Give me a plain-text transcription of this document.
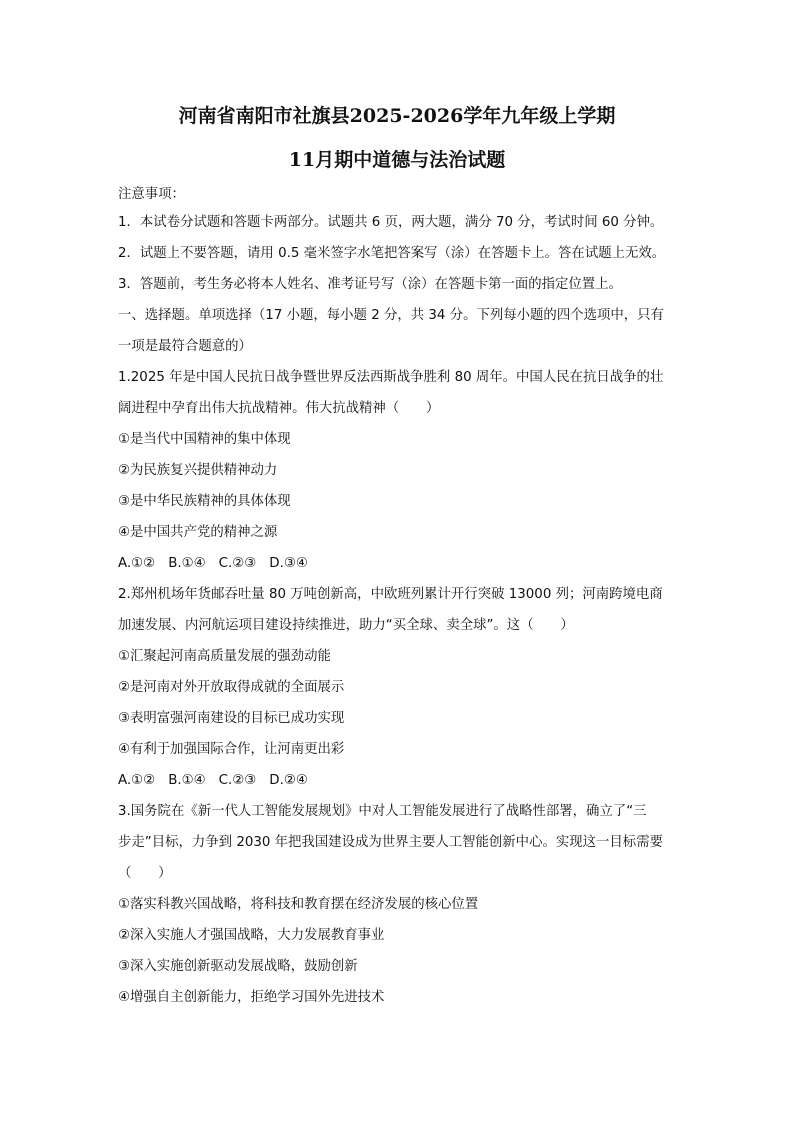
河南省南阳市社旗县2025-2026学年九年级上学期
11月期中道德与法治试题
注意事项：
1．本试卷分试题和答题卡两部分。试题共 6 页，两大题，满分 70 分，考试时间 60 分钟。
2．试题上不要答题，请用 0.5 毫米签字水笔把答案写（涂）在答题卡上。答在试题上无效。
3．答题前，考生务必将本人姓名、准考证号写（涂）在答题卡第一面的指定位置上。
一、选择题。单项选择（17 小题，每小题 2 分，共 34 分。下列每小题的四个选项中，只有
一项是最符合题意的）
1.2025 年是中国人民抗日战争暨世界反法西斯战争胜利 80 周年。中国人民在抗日战争的壮
阔进程中孕育出伟大抗战精神。伟大抗战精神（　　）
①是当代中国精神的集中体现
②为民族复兴提供精神动力
③是中华民族精神的具体体现
④是中国共产党的精神之源
A.①② B.①④ C.②③ D.③④
2.郑州机场年货邮吞吐量 80 万吨创新高，中欧班列累计开行突破 13000 列；河南跨境电商
加速发展、内河航运项目建设持续推进，助力“买全球、卖全球”。这（　　）
①汇聚起河南高质量发展的强劲动能
②是河南对外开放取得成就的全面展示
③表明富强河南建设的目标已成功实现
④有利于加强国际合作，让河南更出彩
A.①② B.①④ C.②③ D.②④
3.国务院在《新一代人工智能发展规划》中对人工智能发展进行了战略性部署，确立了“三
步走”目标，力争到 2030 年把我国建设成为世界主要人工智能创新中心。实现这一目标需要
（　　）
①落实科教兴国战略，将科技和教育摆在经济发展的核心位置
②深入实施人才强国战略，大力发展教育事业
③深入实施创新驱动发展战略，鼓励创新
④增强自主创新能力，拒绝学习国外先进技术
